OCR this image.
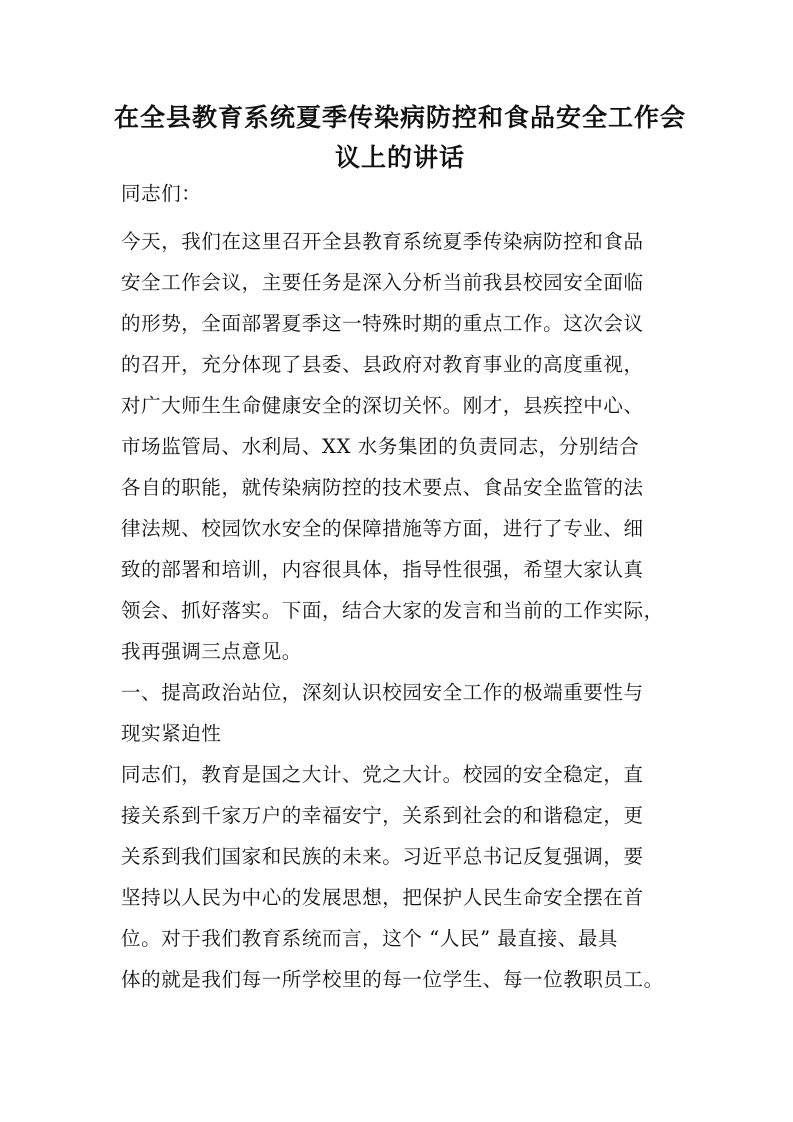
在全县教育系统夏季传染病防控和食品安全工作会
议上的讲话
同志们：
今天，我们在这里召开全县教育系统夏季传染病防控和食品
安全工作会议，主要任务是深入分析当前我县校园安全面临
的形势，全面部署夏季这一特殊时期的重点工作。这次会议
的召开，充分体现了县委、县政府对教育事业的高度重视，
对广大师生生命健康安全的深切关怀。刚才，县疾控中心、
市场监管局、水利局、XX 水务集团的负责同志，分别结合
各自的职能，就传染病防控的技术要点、食品安全监管的法
律法规、校园饮水安全的保障措施等方面，进行了专业、细
致的部署和培训，内容很具体，指导性很强，希望大家认真
领会、抓好落实。下面，结合大家的发言和当前的工作实际，
我再强调三点意见。
一、提高政治站位，深刻认识校园安全工作的极端重要性与
现实紧迫性
同志们，教育是国之大计、党之大计。校园的安全稳定，直
接关系到千家万户的幸福安宁，关系到社会的和谐稳定，更
关系到我们国家和民族的未来。习近平总书记反复强调，要
坚持以人民为中心的发展思想，把保护人民生命安全摆在首
位。对于我们教育系统而言，这个 “人民” 最直接、最具
体的就是我们每一所学校里的每一位学生、每一位教职员工。
